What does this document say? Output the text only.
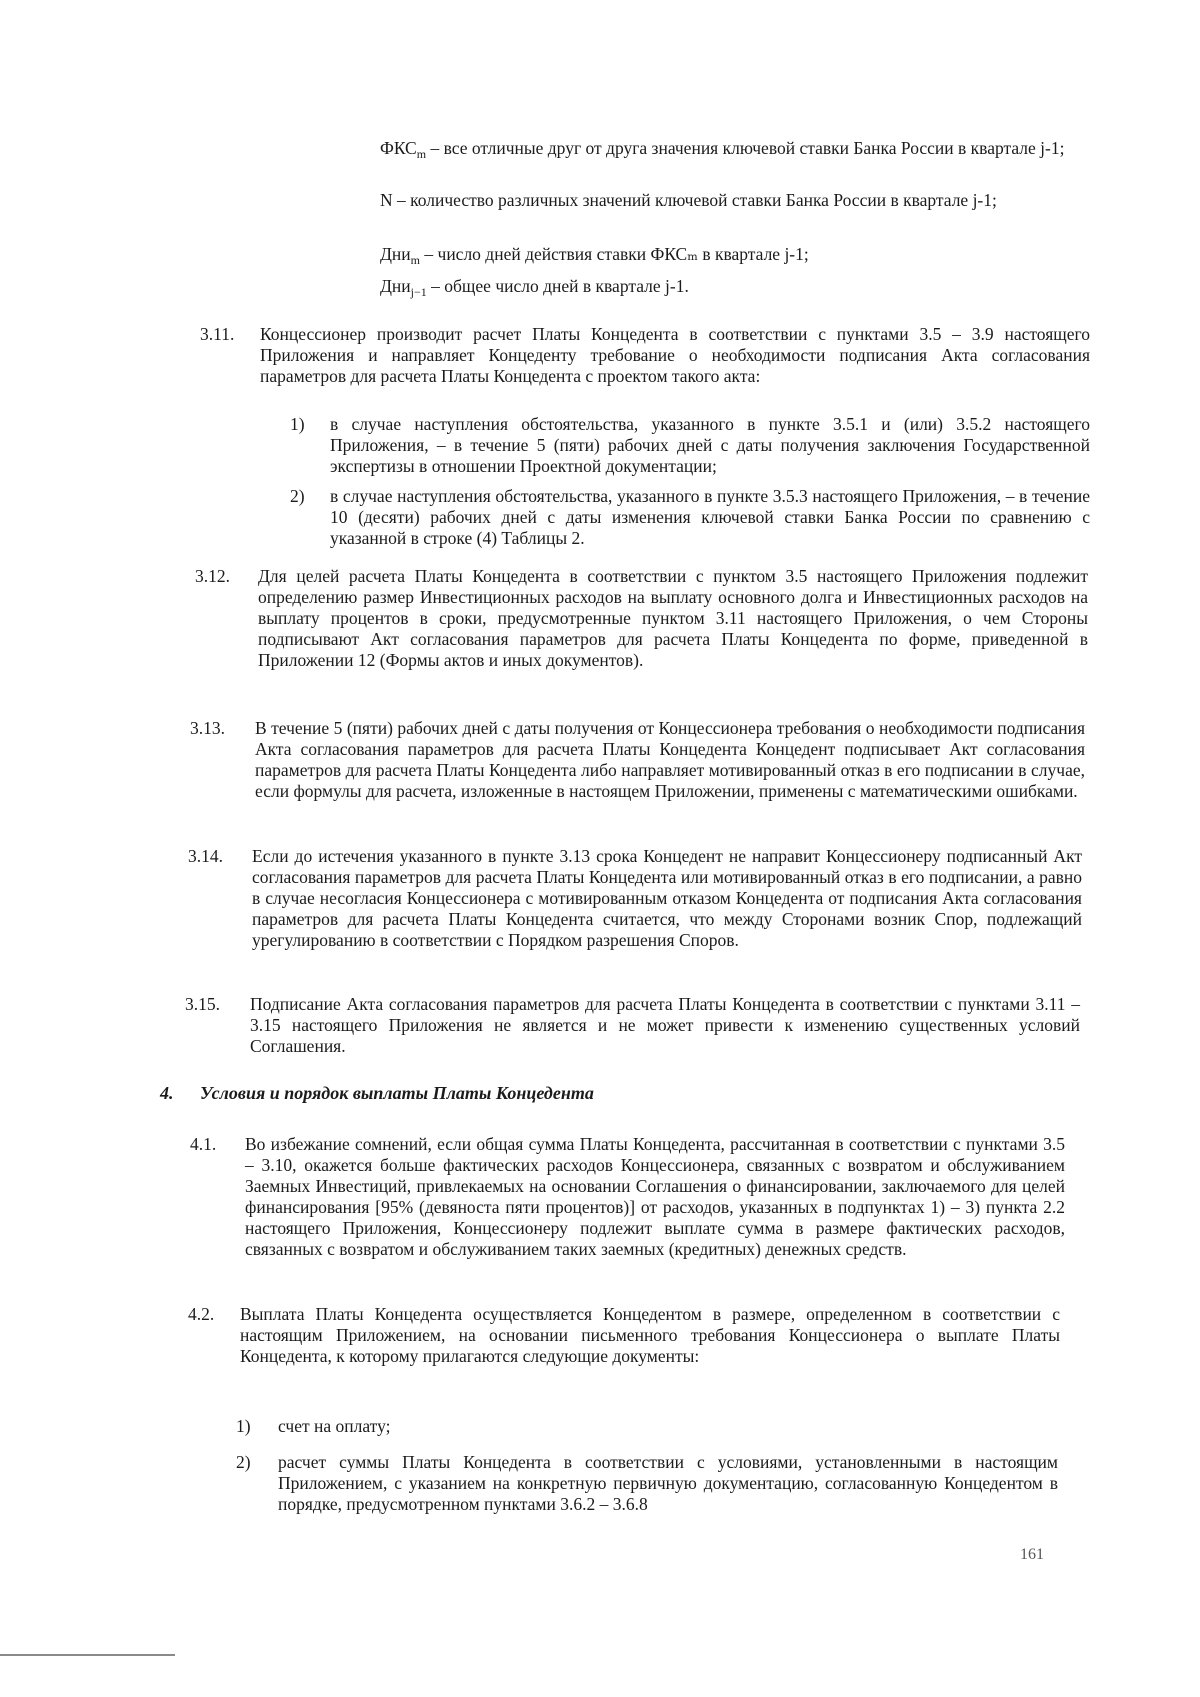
$ФКС_m$ – все отличные друг от друга значения ключевой ставки Банка России в квартале j-1;
N – количество различных значений ключевой ставки Банка России в квартале j-1;
Дни$_m$ – число дней действия ставки ФКСₘ в квартале j-1;
Дни$_{j-1}$ – общее число дней в квартале j-1.
3.11. Концессионер производит расчет Платы Концедента в соответствии с пунктами 3.5 – 3.9 настоящего Приложения и направляет Концеденту требование о необходимости подписания Акта согласования параметров для расчета Платы Концедента с проектом такого акта:
1) в случае наступления обстоятельства, указанного в пункте 3.5.1 и (или) 3.5.2 настоящего Приложения, – в течение 5 (пяти) рабочих дней с даты получения заключения Государственной экспертизы в отношении Проектной документации;
2) в случае наступления обстоятельства, указанного в пункте 3.5.3 настоящего Приложения, – в течение 10 (десяти) рабочих дней с даты изменения ключевой ставки Банка России по сравнению с указанной в строке (4) Таблицы 2.
3.12. Для целей расчета Платы Концедента в соответствии с пунктом 3.5 настоящего Приложения подлежит определению размер Инвестиционных расходов на выплату основного долга и Инвестиционных расходов на выплату процентов в сроки, предусмотренные пунктом 3.11 настоящего Приложения, о чем Стороны подписывают Акт согласования параметров для расчета Платы Концедента по форме, приведенной в Приложении 12 (Формы актов и иных документов).
3.13. В течение 5 (пяти) рабочих дней с даты получения от Концессионера требования о необходимости подписания Акта согласования параметров для расчета Платы Концедента Концедент подписывает Акт согласования параметров для расчета Платы Концедента либо направляет мотивированный отказ в его подписании в случае, если формулы для расчета, изложенные в настоящем Приложении, применены с математическими ошибками.
3.14. Если до истечения указанного в пункте 3.13 срока Концедент не направит Концессионеру подписанный Акт согласования параметров для расчета Платы Концедента или мотивированный отказ в его подписании, а равно в случае несогласия Концессионера с мотивированным отказом Концедента от подписания Акта согласования параметров для расчета Платы Концедента считается, что между Сторонами возник Спор, подлежащий урегулированию в соответствии с Порядком разрешения Споров.
3.15. Подписание Акта согласования параметров для расчета Платы Концедента в соответствии с пунктами 3.11 – 3.15 настоящего Приложения не является и не может привести к изменению существенных условий Соглашения.
4. Условия и порядок выплаты Платы Концедента
4.1. Во избежание сомнений, если общая сумма Платы Концедента, рассчитанная в соответствии с пунктами 3.5 – 3.10, окажется больше фактических расходов Концессионера, связанных с возвратом и обслуживанием Заемных Инвестиций, привлекаемых на основании Соглашения о финансировании, заключаемого для целей финансирования [95% (девяноста пяти процентов)] от расходов, указанных в подпунктах 1) – 3) пункта 2.2 настоящего Приложения, Концессионеру подлежит выплате сумма в размере фактических расходов, связанных с возвратом и обслуживанием таких заемных (кредитных) денежных средств.
4.2. Выплата Платы Концедента осуществляется Концедентом в размере, определенном в соответствии с настоящим Приложением, на основании письменного требования Концессионера о выплате Платы Концедента, к которому прилагаются следующие документы:
1) счет на оплату;
2) расчет суммы Платы Концедента в соответствии с условиями, установленными в настоящим Приложением, с указанием на конкретную первичную документацию, согласованную Концедентом в порядке, предусмотренном пунктами 3.6.2 – 3.6.8
161
